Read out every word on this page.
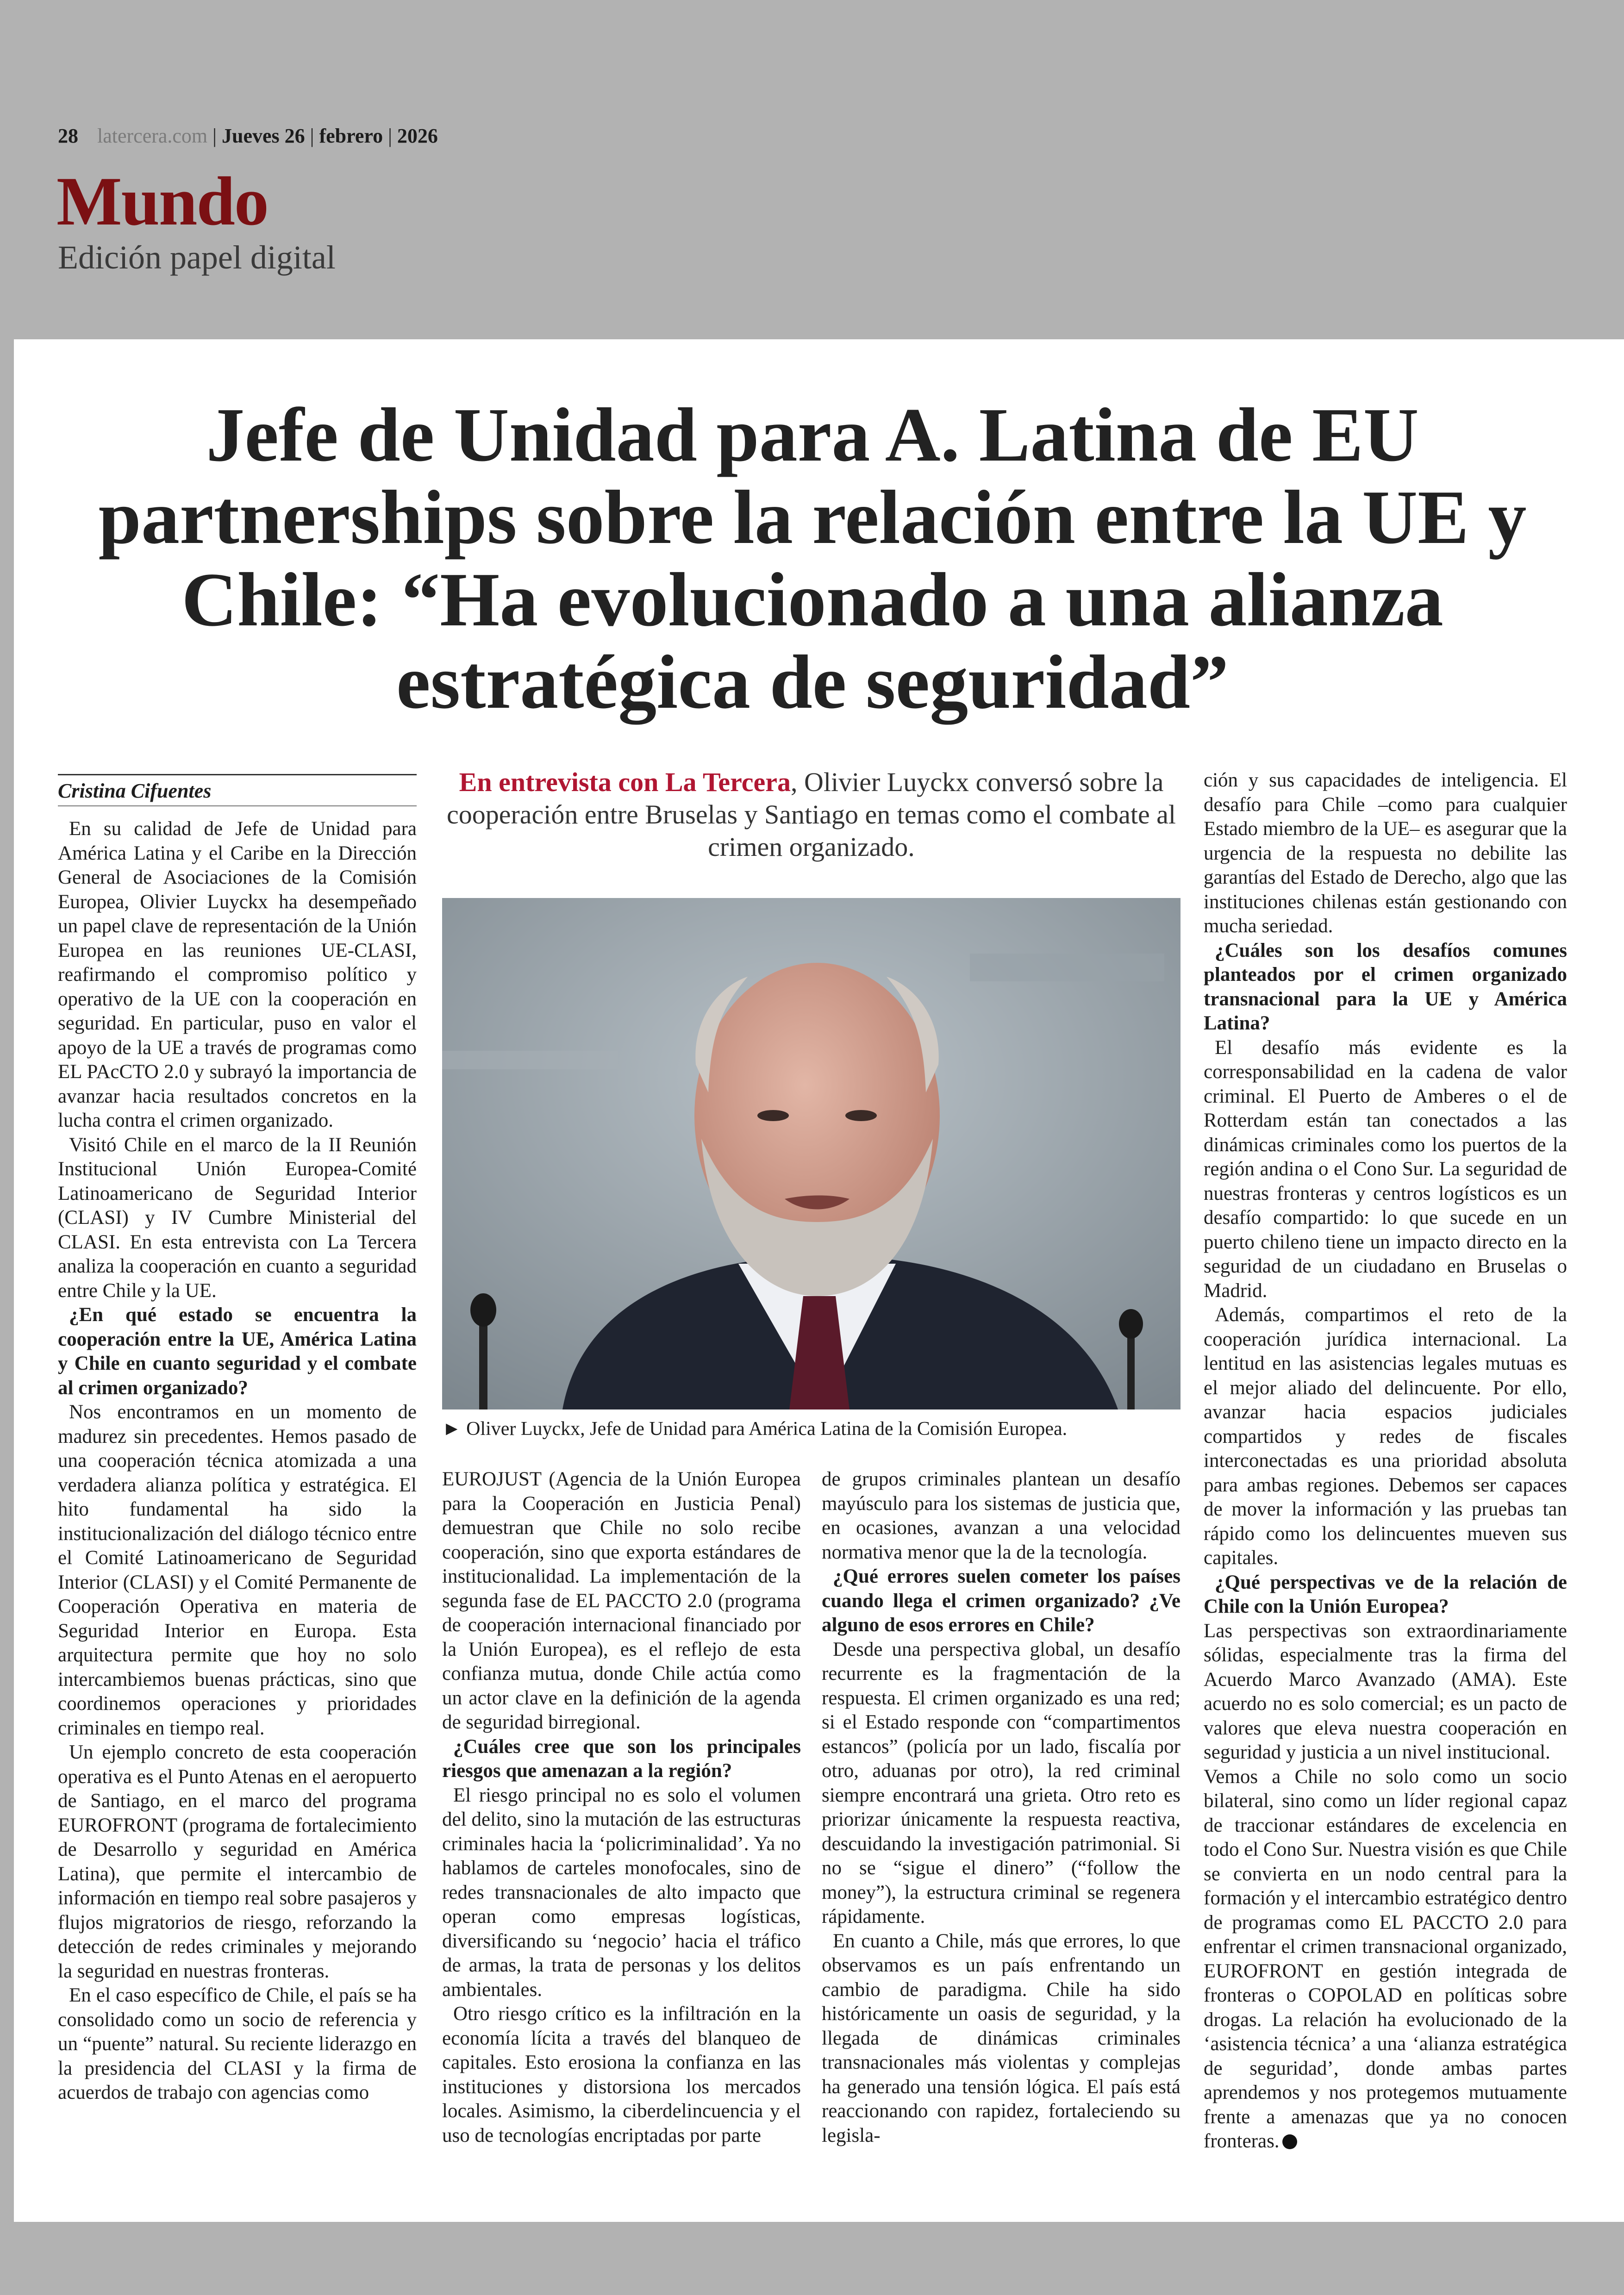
28 latercera.com | Jueves 26 | febrero | 2026
Mundo
Edición papel digital
Jefe de Unidad para A. Latina de EU partnerships sobre la relación entre la UE y Chile: “Ha evolucionado a una alianza estratégica de seguridad”
Cristina Cifuentes

En su calidad de Jefe de Unidad para América Latina y el Caribe en la Dirección General de Asociaciones de la Comisión Europea, Olivier Luyckx ha desempeñado un papel clave de representación de la Unión Europea en las reuniones UE-CLASI, reafirmando el compromiso político y operativo de la UE con la cooperación en seguridad. En particular, puso en valor el apoyo de la UE a través de programas como EL PAcCTO 2.0 y subrayó la importancia de avanzar hacia resultados concretos en la lucha contra el crimen organizado.

Visitó Chile en el marco de la II Reunión Institucional Unión Europea-Comité Latinoamericano de Seguridad Interior (CLASI) y IV Cumbre Ministerial del CLASI. En esta entrevista con La Tercera analiza la cooperación en cuanto a seguridad entre Chile y la UE.

¿En qué estado se encuentra la cooperación entre la UE, América Latina y Chile en cuanto seguridad y el combate al crimen organizado?

Nos encontramos en un momento de madurez sin precedentes. Hemos pasado de una cooperación técnica atomizada a una verdadera alianza política y estratégica. El hito fundamental ha sido la institucionalización del diálogo técnico entre el Comité Latinoamericano de Seguridad Interior (CLASI) y el Comité Permanente de Cooperación Operativa en materia de Seguridad Interior en Europa. Esta arquitectura permite que hoy no solo intercambiemos buenas prácticas, sino que coordinemos operaciones y prioridades criminales en tiempo real.

Un ejemplo concreto de esta cooperación operativa es el Punto Atenas en el aeropuerto de Santiago, en el marco del programa EUROFRONT (programa de fortalecimiento de Desarrollo y seguridad en América Latina), que permite el intercambio de información en tiempo real sobre pasajeros y flujos migratorios de riesgo, reforzando la detección de redes criminales y mejorando la seguridad en nuestras fronteras.

En el caso específico de Chile, el país se ha consolidado como un socio de referencia y un “puente” natural. Su reciente liderazgo en la presidencia del CLASI y la firma de acuerdos de trabajo con agencias como

En entrevista con La Tercera, Olivier Luyckx conversó sobre la cooperación entre Bruselas y Santiago en temas como el combate al crimen organizado.
► Oliver Luyckx, Jefe de Unidad para América Latina de la Comisión Europea.

EUROJUST (Agencia de la Unión Europea para la Cooperación en Justicia Penal) demuestran que Chile no solo recibe cooperación, sino que exporta estándares de institucionalidad. La implementación de la segunda fase de EL PACCTO 2.0 (programa de cooperación internacional financiado por la Unión Europea), es el reflejo de esta confianza mutua, donde Chile actúa como un actor clave en la definición de la agenda de seguridad birregional.

¿Cuáles cree que son los principales riesgos que amenazan a la región?

El riesgo principal no es solo el volumen del delito, sino la mutación de las estructuras criminales hacia la ‘policriminalidad’. Ya no hablamos de carteles monofocales, sino de redes transnacionales de alto impacto que operan como empresas logísticas, diversificando su ‘negocio’ hacia el tráfico de armas, la trata de personas y los delitos ambientales.

Otro riesgo crítico es la infiltración en la economía lícita a través del blanqueo de capitales. Esto erosiona la confianza en las instituciones y distorsiona los mercados locales. Asimismo, la ciberdelincuencia y el uso de tecnologías encriptadas por parte

de grupos criminales plantean un desafío mayúsculo para los sistemas de justicia que, en ocasiones, avanzan a una velocidad normativa menor que la de la tecnología.

¿Qué errores suelen cometer los países cuando llega el crimen organizado? ¿Ve alguno de esos errores en Chile?

Desde una perspectiva global, un desafío recurrente es la fragmentación de la respuesta. El crimen organizado es una red; si el Estado responde con “compartimentos estancos” (policía por un lado, fiscalía por otro, aduanas por otro), la red criminal siempre encontrará una grieta. Otro reto es priorizar únicamente la respuesta reactiva, descuidando la investigación patrimonial. Si no se “sigue el dinero” (“follow the money”), la estructura criminal se regenera rápidamente.

En cuanto a Chile, más que errores, lo que observamos es un país enfrentando un cambio de paradigma. Chile ha sido históricamente un oasis de seguridad, y la llegada de dinámicas criminales transnacionales más violentas y complejas ha generado una tensión lógica. El país está reaccionando con rapidez, fortaleciendo su legisla-

ción y sus capacidades de inteligencia. El desafío para Chile –como para cualquier Estado miembro de la UE– es asegurar que la urgencia de la respuesta no debilite las garantías del Estado de Derecho, algo que las instituciones chilenas están gestionando con mucha seriedad.

¿Cuáles son los desafíos comunes planteados por el crimen organizado transnacional para la UE y América Latina?

El desafío más evidente es la corresponsabilidad en la cadena de valor criminal. El Puerto de Amberes o el de Rotterdam están tan conectados a las dinámicas criminales como los puertos de la región andina o el Cono Sur. La seguridad de nuestras fronteras y centros logísticos es un desafío compartido: lo que sucede en un puerto chileno tiene un impacto directo en la seguridad de un ciudadano en Bruselas o Madrid.

Además, compartimos el reto de la cooperación jurídica internacional. La lentitud en las asistencias legales mutuas es el mejor aliado del delincuente. Por ello, avanzar hacia espacios judiciales compartidos y redes de fiscales interconectadas es una prioridad absoluta para ambas regiones. Debemos ser capaces de mover la información y las pruebas tan rápido como los delincuentes mueven sus capitales.

¿Qué perspectivas ve de la relación de Chile con la Unión Europea?

Las perspectivas son extraordinariamente sólidas, especialmente tras la firma del Acuerdo Marco Avanzado (AMA). Este acuerdo no es solo comercial; es un pacto de valores que eleva nuestra cooperación en seguridad y justicia a un nivel institucional.

Vemos a Chile no solo como un socio bilateral, sino como un líder regional capaz de traccionar estándares de excelencia en todo el Cono Sur. Nuestra visión es que Chile se convierta en un nodo central para la formación y el intercambio estratégico dentro de programas como EL PACCTO 2.0 para enfrentar el crimen transnacional organizado, EUROFRONT en gestión integrada de fronteras o COPOLAD en políticas sobre drogas. La relación ha evolucionado de la ‘asistencia técnica’ a una ‘alianza estratégica de seguridad’, donde ambas partes aprendemos y nos protegemos mutuamente frente a amenazas que ya no conocen fronteras.
